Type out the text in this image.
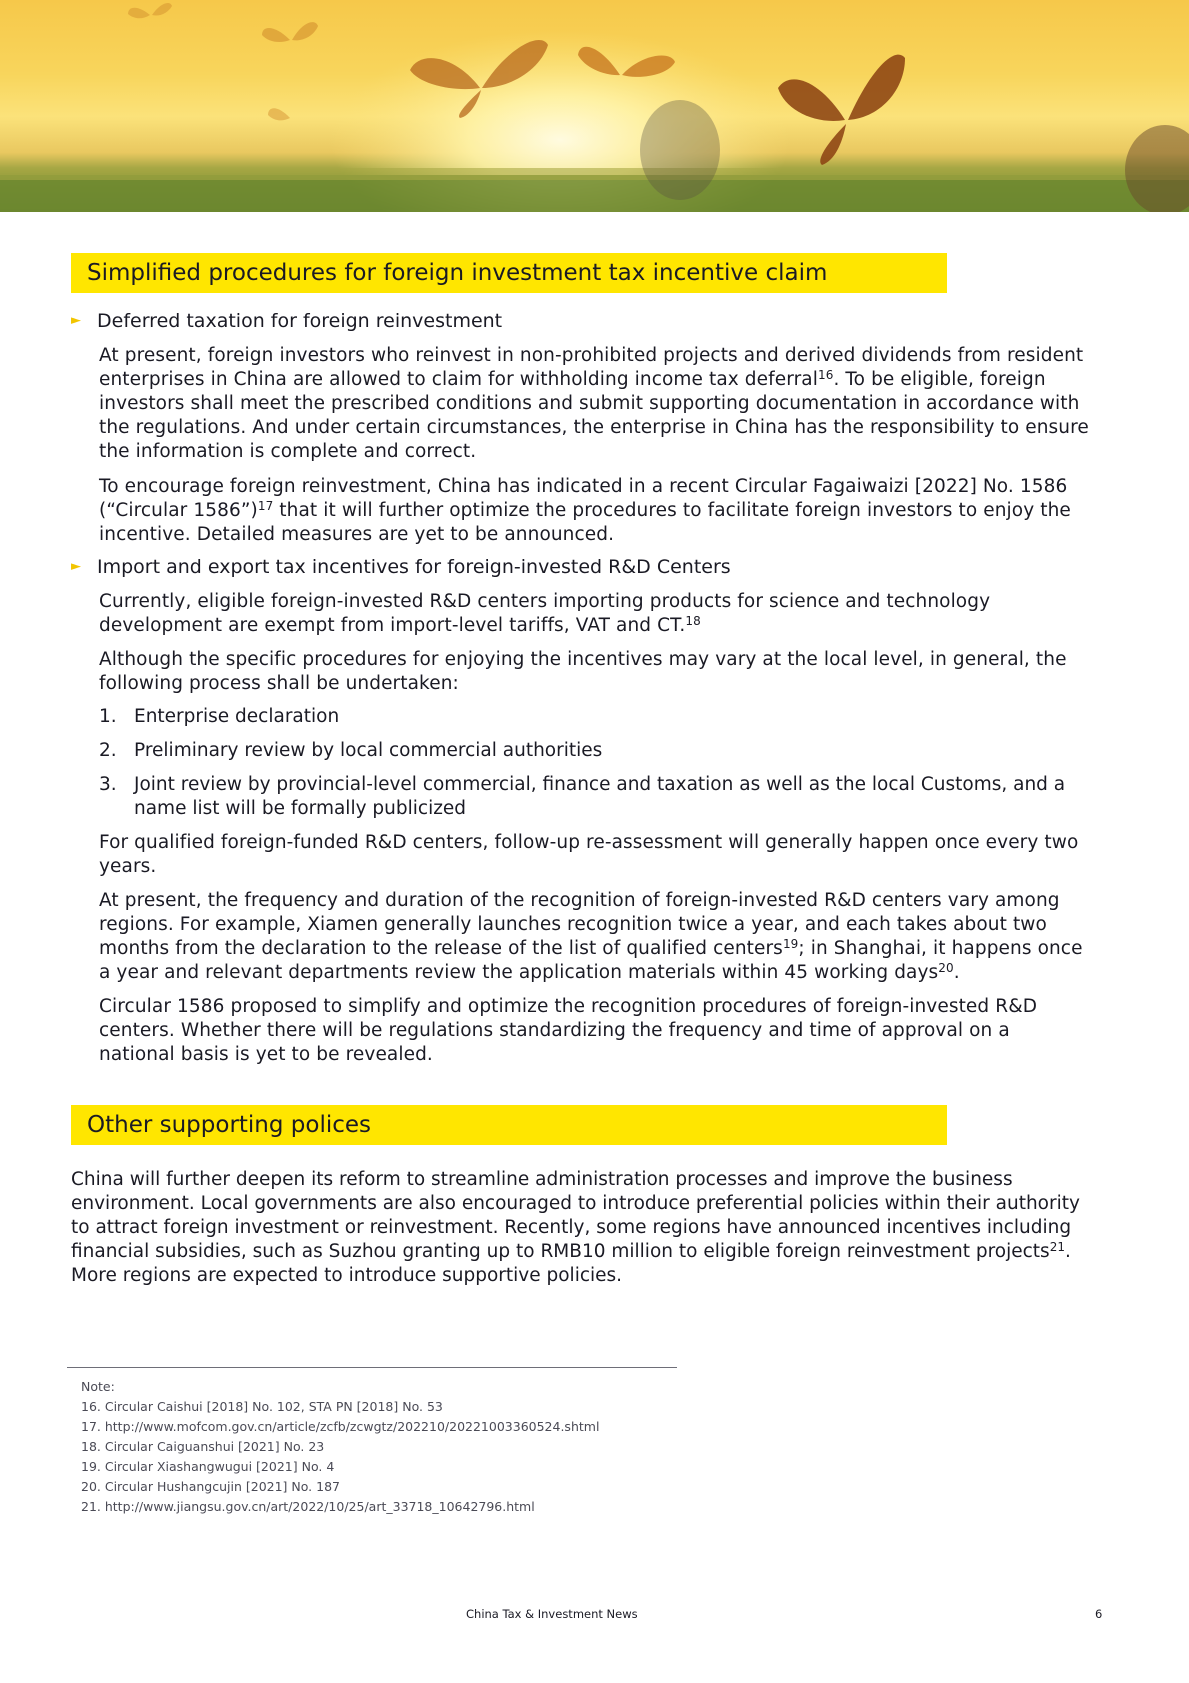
Simplified procedures for foreign investment tax incentive claim
► Deferred taxation for foreign reinvestment
At present, foreign investors who reinvest in non-prohibited projects and derived dividends from resident enterprises in China are allowed to claim for withholding income tax deferral$^{16}$. To be eligible, foreign investors shall meet the prescribed conditions and submit supporting documentation in accordance with the regulations. And under certain circumstances, the enterprise in China has the responsibility to ensure the information is complete and correct.
To encourage foreign reinvestment, China has indicated in a recent Circular Fagaiwaizi [2022] No. 1586 (“Circular 1586”)$^{17}$ that it will further optimize the procedures to facilitate foreign investors to enjoy the incentive. Detailed measures are yet to be announced.
► Import and export tax incentives for foreign-invested R&D Centers
Currently, eligible foreign-invested R&D centers importing products for science and technology development are exempt from import-level tariffs, VAT and CT.$^{18}$
Although the specific procedures for enjoying the incentives may vary at the local level, in general, the following process shall be undertaken:
1. Enterprise declaration
2. Preliminary review by local commercial authorities
3. Joint review by provincial-level commercial, finance and taxation as well as the local Customs, and a name list will be formally publicized
For qualified foreign-funded R&D centers, follow-up re-assessment will generally happen once every two years.
At present, the frequency and duration of the recognition of foreign-invested R&D centers vary among regions. For example, Xiamen generally launches recognition twice a year, and each takes about two months from the declaration to the release of the list of qualified centers$^{19}$; in Shanghai, it happens once a year and relevant departments review the application materials within 45 working days$^{20}$.
Circular 1586 proposed to simplify and optimize the recognition procedures of foreign-invested R&D centers. Whether there will be regulations standardizing the frequency and time of approval on a national basis is yet to be revealed.
Other supporting polices
China will further deepen its reform to streamline administration processes and improve the business environment. Local governments are also encouraged to introduce preferential policies within their authority to attract foreign investment or reinvestment. Recently, some regions have announced incentives including financial subsidies, such as Suzhou granting up to RMB10 million to eligible foreign reinvestment projects$^{21}$. More regions are expected to introduce supportive policies.
Note:
16. Circular Caishui [2018] No. 102, STA PN [2018] No. 53
17. http://www.mofcom.gov.cn/article/zcfb/zcwgtz/202210/20221003360524.shtml
18. Circular Caiguanshui [2021] No. 23
19. Circular Xiashangwugui [2021] No. 4
20. Circular Hushangcujin [2021] No. 187
21. http://www.jiangsu.gov.cn/art/2022/10/25/art_33718_10642796.html
China Tax & Investment News	6
